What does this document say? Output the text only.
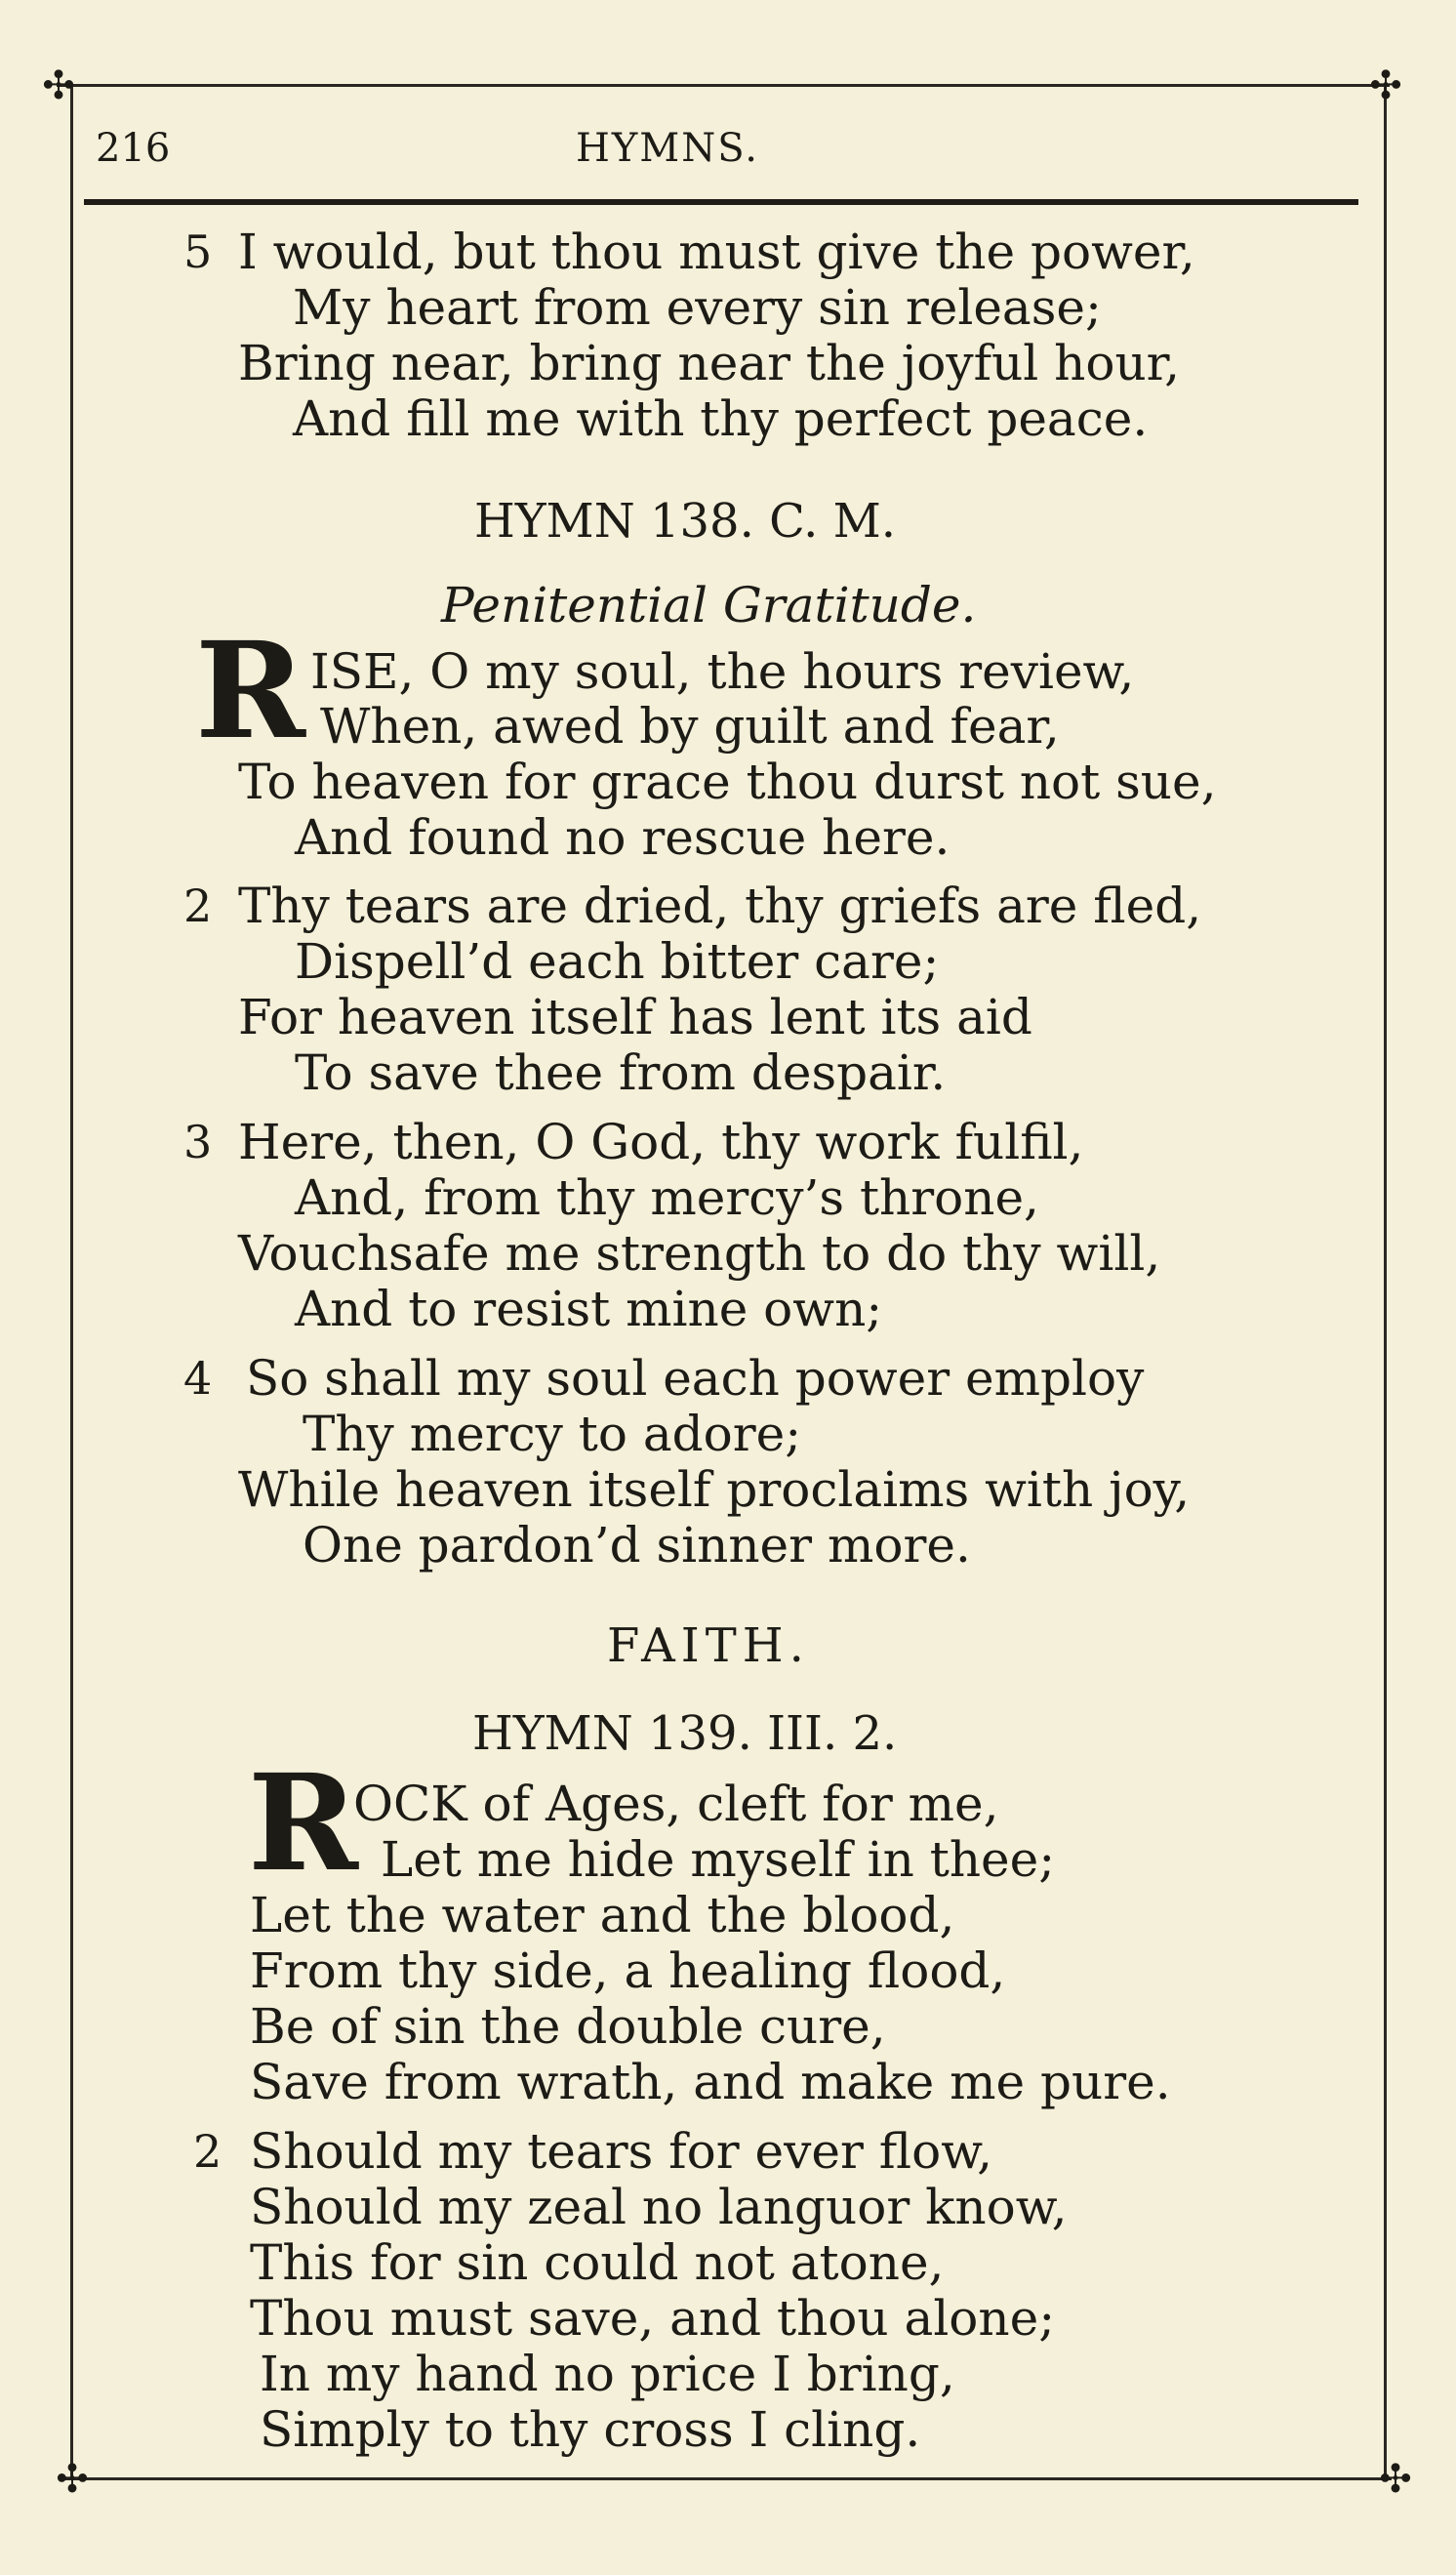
✣	✣
✣	✣
216	HYMNS.
5 I would, but thou must give the power,
My heart from every sin release;
Bring near, bring near the joyful hour,
And fill me with thy perfect peace.
HYMN 138. C. M.
Penitential Gratitude.
R ISE, O my soul, the hours review,
When, awed by guilt and fear,
To heaven for grace thou durst not sue,
And found no rescue here.
2 Thy tears are dried, thy griefs are fled,
Dispell’d each bitter care;
For heaven itself has lent its aid
To save thee from despair.
3 Here, then, O God, thy work fulfil,
And, from thy mercy’s throne,
Vouchsafe me strength to do thy will,
And to resist mine own;
4 So shall my soul each power employ
Thy mercy to adore;
While heaven itself proclaims with joy,
One pardon’d sinner more.
FAITH.
HYMN 139. III. 2.
R
OCK of Ages, cleft for me,
Let me hide myself in thee;
Let the water and the blood,
From thy side, a healing flood,
Be of sin the double cure,
Save from wrath, and make me pure.
2 Should my tears for ever flow,
Should my zeal no languor know,
This for sin could not atone,
Thou must save, and thou alone;
In my hand no price I bring,
Simply to thy cross I cling.
